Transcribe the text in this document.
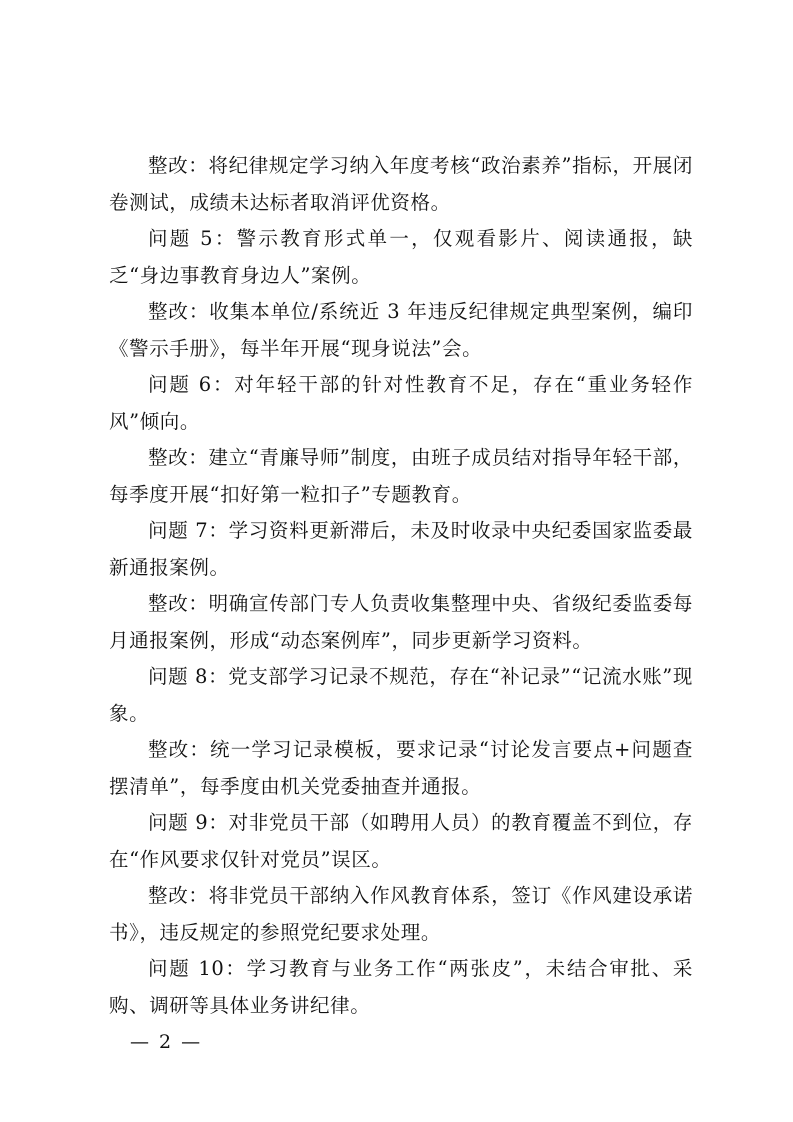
整改：将纪律规定学习纳入年度考核“政治素养”指标，开展闭卷测试，成绩未达标者取消评优资格。

问题 5：警示教育形式单一，仅观看影片、阅读通报，缺乏“身边事教育身边人”案例。

整改：收集本单位/系统近 3 年违反纪律规定典型案例，编印《警示手册》，每半年开展“现身说法”会。

问题 6：对年轻干部的针对性教育不足，存在“重业务轻作风”倾向。

整改：建立“青廉导师”制度，由班子成员结对指导年轻干部，每季度开展“扣好第一粒扣子”专题教育。

问题 7：学习资料更新滞后，未及时收录中央纪委国家监委最新通报案例。

整改：明确宣传部门专人负责收集整理中央、省级纪委监委每月通报案例，形成“动态案例库”，同步更新学习资料。

问题 8：党支部学习记录不规范，存在“补记录”“记流水账”现象。

整改：统一学习记录模板，要求记录“讨论发言要点+问题查摆清单”，每季度由机关党委抽查并通报。

问题 9：对非党员干部（如聘用人员）的教育覆盖不到位，存在“作风要求仅针对党员”误区。

整改：将非党员干部纳入作风教育体系，签订《作风建设承诺书》，违反规定的参照党纪要求处理。

问题 10：学习教育与业务工作“两张皮”，未结合审批、采购、调研等具体业务讲纪律。

— 2 —
